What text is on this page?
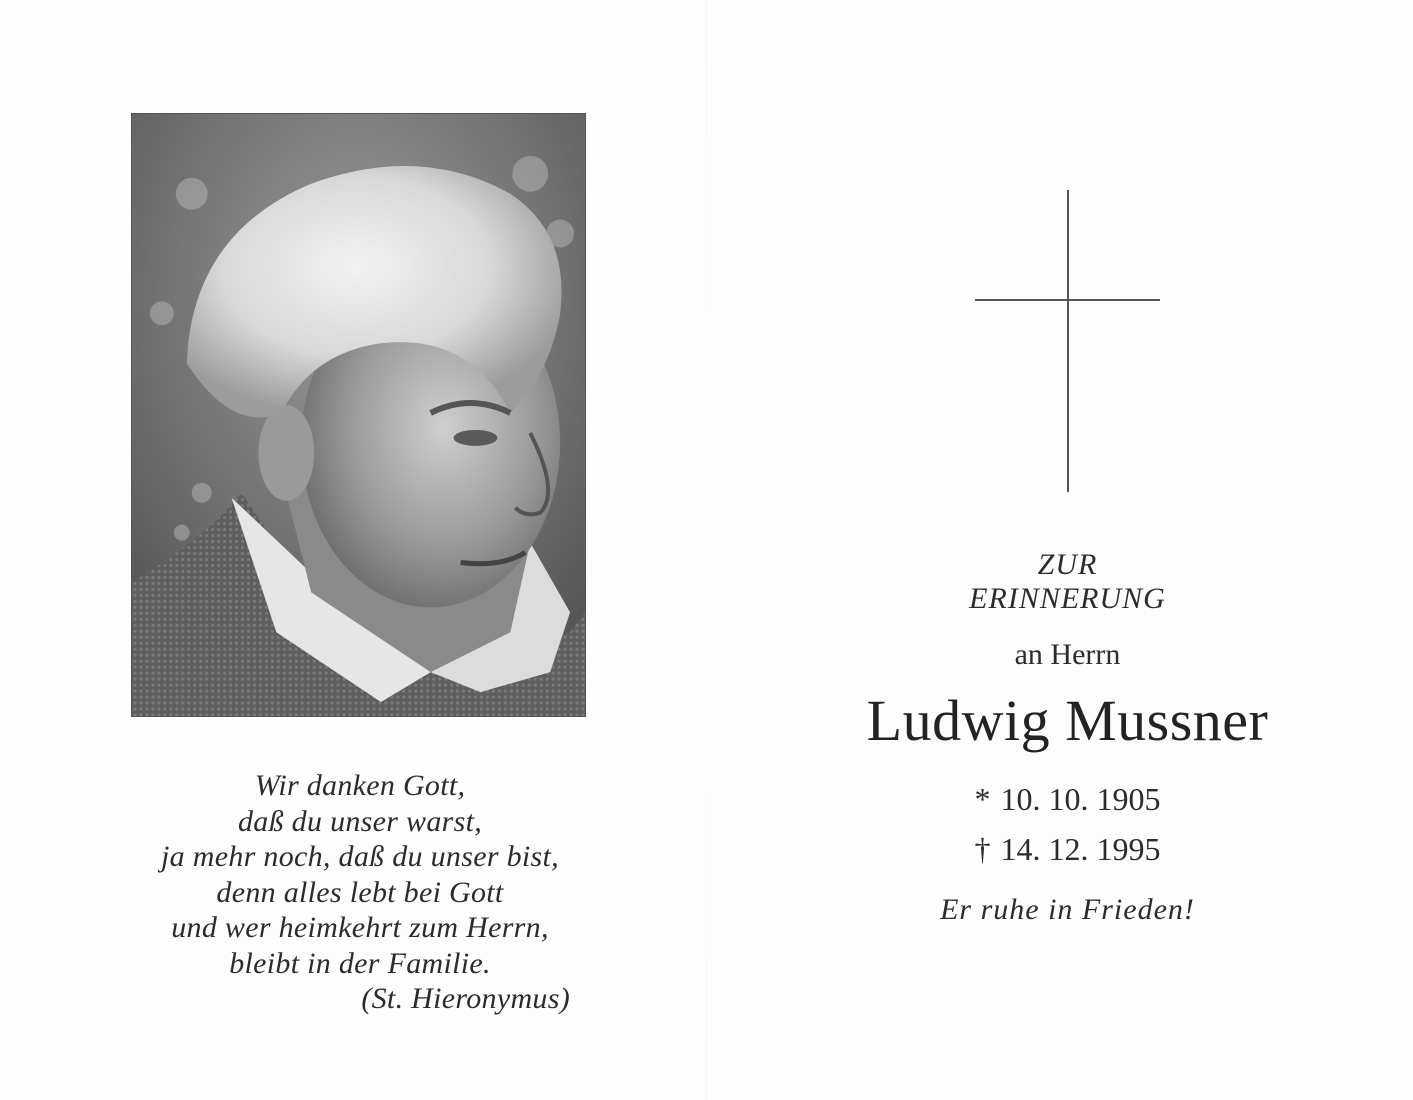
Wir danken Gott,
daß du unser warst,
ja mehr noch, daß du unser bist,
denn alles lebt bei Gott
und wer heimkehrt zum Herrn,
bleibt in der Familie.
(St. Hieronymus)
ZUR
ERINNERUNG
an Herrn
Ludwig Mussner
* 10. 10. 1905
† 14. 12. 1995
Er ruhe in Frieden!
